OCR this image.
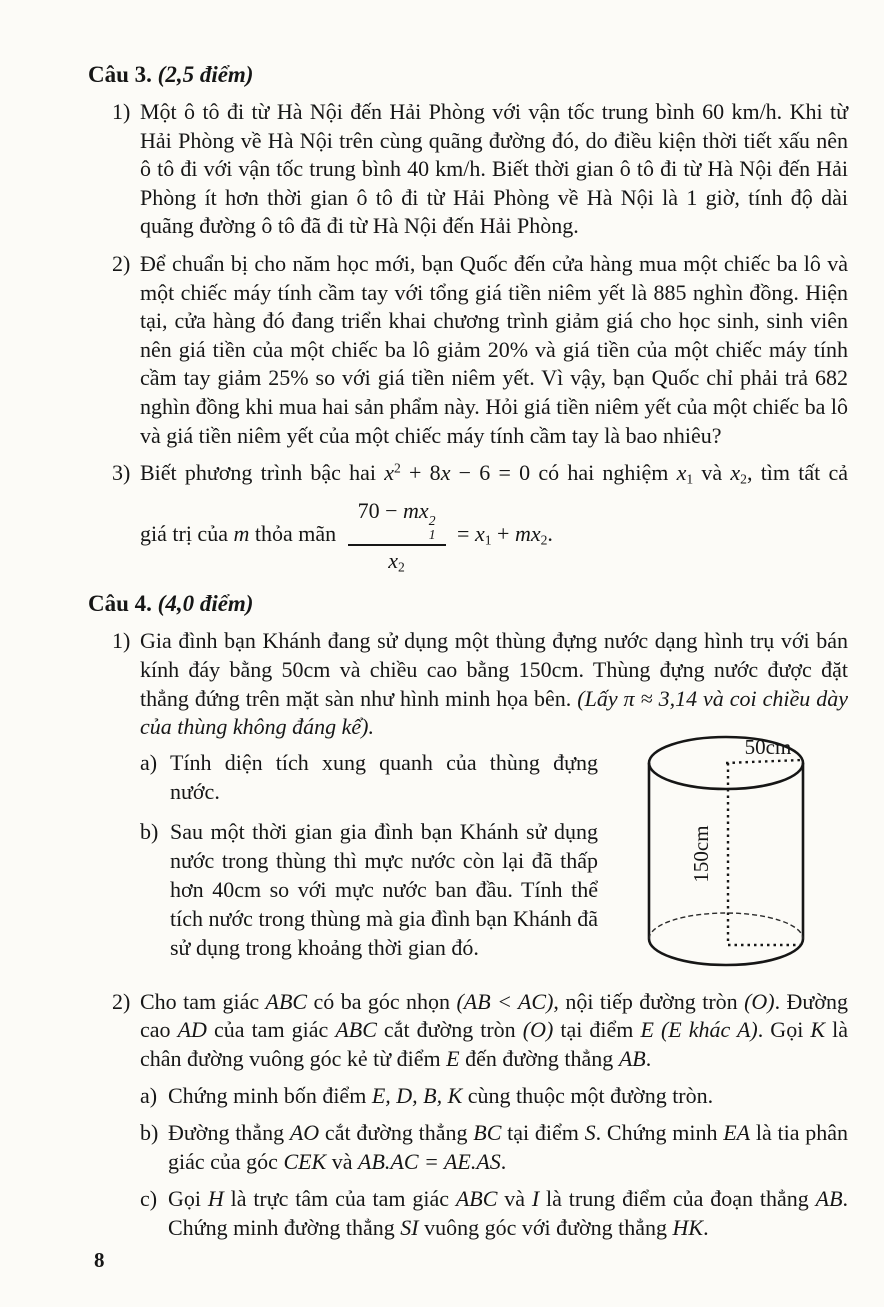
Câu 3. (2,5 điểm)
1) Một ô tô đi từ Hà Nội đến Hải Phòng với vận tốc trung bình 60 km/h. Khi từ Hải Phòng về Hà Nội trên cùng quãng đường đó, do điều kiện thời tiết xấu nên ô tô đi với vận tốc trung bình 40 km/h. Biết thời gian ô tô đi từ Hà Nội đến Hải Phòng ít hơn thời gian ô tô đi từ Hải Phòng về Hà Nội là 1 giờ, tính độ dài quãng đường ô tô đã đi từ Hà Nội đến Hải Phòng.
2) Để chuẩn bị cho năm học mới, bạn Quốc đến cửa hàng mua một chiếc ba lô và một chiếc máy tính cầm tay với tổng giá tiền niêm yết là 885 nghìn đồng. Hiện tại, cửa hàng đó đang triển khai chương trình giảm giá cho học sinh, sinh viên nên giá tiền của một chiếc ba lô giảm 20% và giá tiền của một chiếc máy tính cầm tay giảm 25% so với giá tiền niêm yết. Vì vậy, bạn Quốc chỉ phải trả 682 nghìn đồng khi mua hai sản phẩm này. Hỏi giá tiền niêm yết của một chiếc ba lô và giá tiền niêm yết của một chiếc máy tính cầm tay là bao nhiêu?
3) Biết phương trình bậc hai $x^2 + 8x - 6 = 0$ có hai nghiệm $x_1$ và $x_2$, tìm tất cả
giá trị của m thỏa mãn 70 − mx 2
1
$x_2 = x_1 + mx_2$.
Câu 4. (4,0 điểm)
1) Gia đình bạn Khánh đang sử dụng một thùng đựng nước dạng hình trụ với bán kính đáy bằng 50cm và chiều cao bằng 150cm. Thùng đựng nước được đặt thẳng đứng trên mặt sàn như hình minh họa bên. (Lấy π ≈ 3,14 và coi chiều dày của thùng không đáng kể).
a) Tính diện tích xung quanh của thùng đựng nước.
b) Sau một thời gian gia đình bạn Khánh sử dụng nước trong thùng thì mực nước còn lại đã thấp hơn 40cm so với mực nước ban đầu. Tính thể tích nước trong thùng mà gia đình bạn Khánh đã sử dụng trong khoảng thời gian đó.
50cm
150cm
2) Cho tam giác ABC có ba góc nhọn (AB < AC), nội tiếp đường tròn (O). Đường cao AD của tam giác ABC cắt đường tròn (O) tại điểm E (E khác A). Gọi K là chân đường vuông góc kẻ từ điểm E đến đường thẳng AB.
a) Chứng minh bốn điểm E, D, B, K cùng thuộc một đường tròn.
b) Đường thẳng AO cắt đường thẳng BC tại điểm S. Chứng minh EA là tia phân giác của góc CEK và AB.AC = AE.AS.
c) Gọi H là trực tâm của tam giác ABC và I là trung điểm của đoạn thẳng AB. Chứng minh đường thẳng SI vuông góc với đường thẳng HK.
8
